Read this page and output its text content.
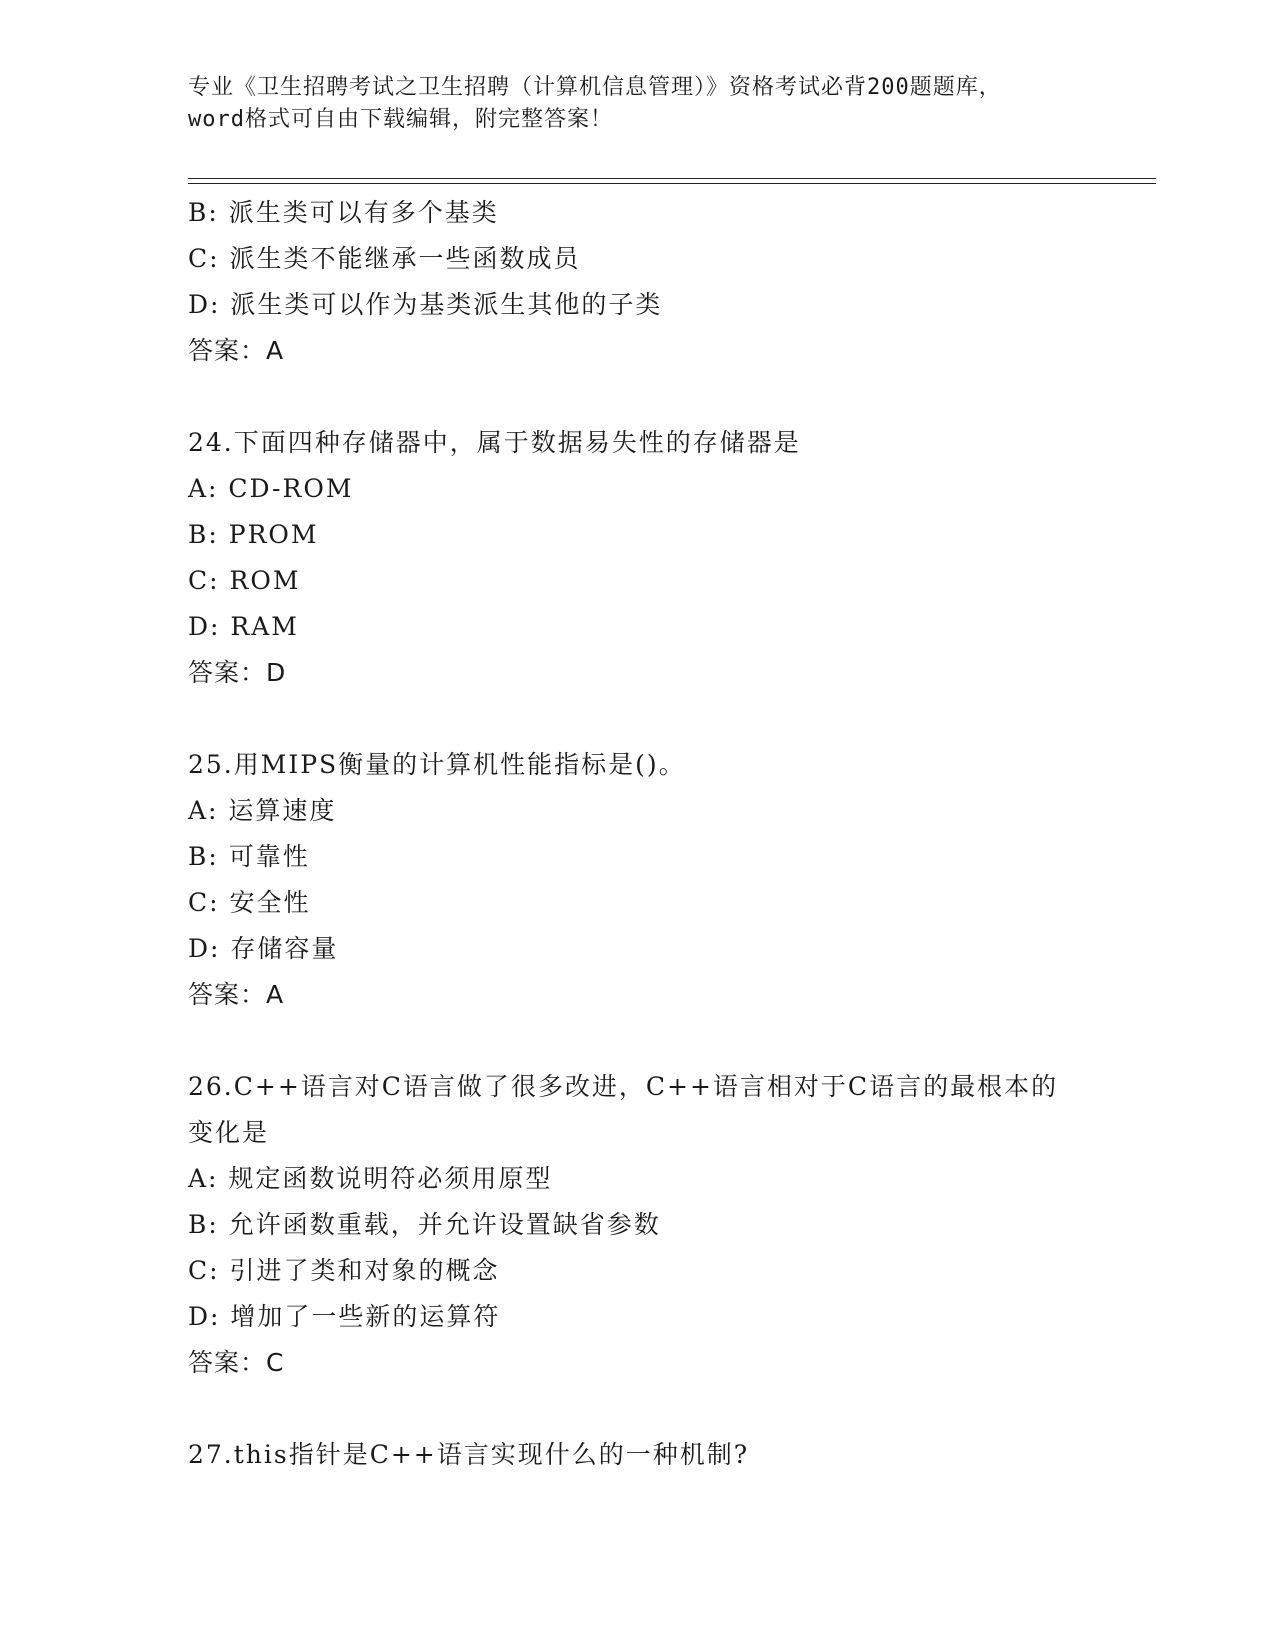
专业《卫生招聘考试之卫生招聘（计算机信息管理）》资格考试必背200题题库，
word格式可自由下载编辑，附完整答案！
B: 派生类可以有多个基类
C: 派生类不能继承一些函数成员
D: 派生类可以作为基类派生其他的子类
答案：A
24.下面四种存储器中，属于数据易失性的存储器是
A: CD-ROM
B: PROM
C: ROM
D: RAM
答案：D
25.用MIPS衡量的计算机性能指标是()。
A: 运算速度
B: 可靠性
C: 安全性
D: 存储容量
答案：A
26.C++语言对C语言做了很多改进，C++语言相对于C语言的最根本的
变化是
A: 规定函数说明符必须用原型
B: 允许函数重载，并允许设置缺省参数
C: 引进了类和对象的概念
D: 增加了一些新的运算符
答案：C
27.this指针是C++语言实现什么的一种机制?
